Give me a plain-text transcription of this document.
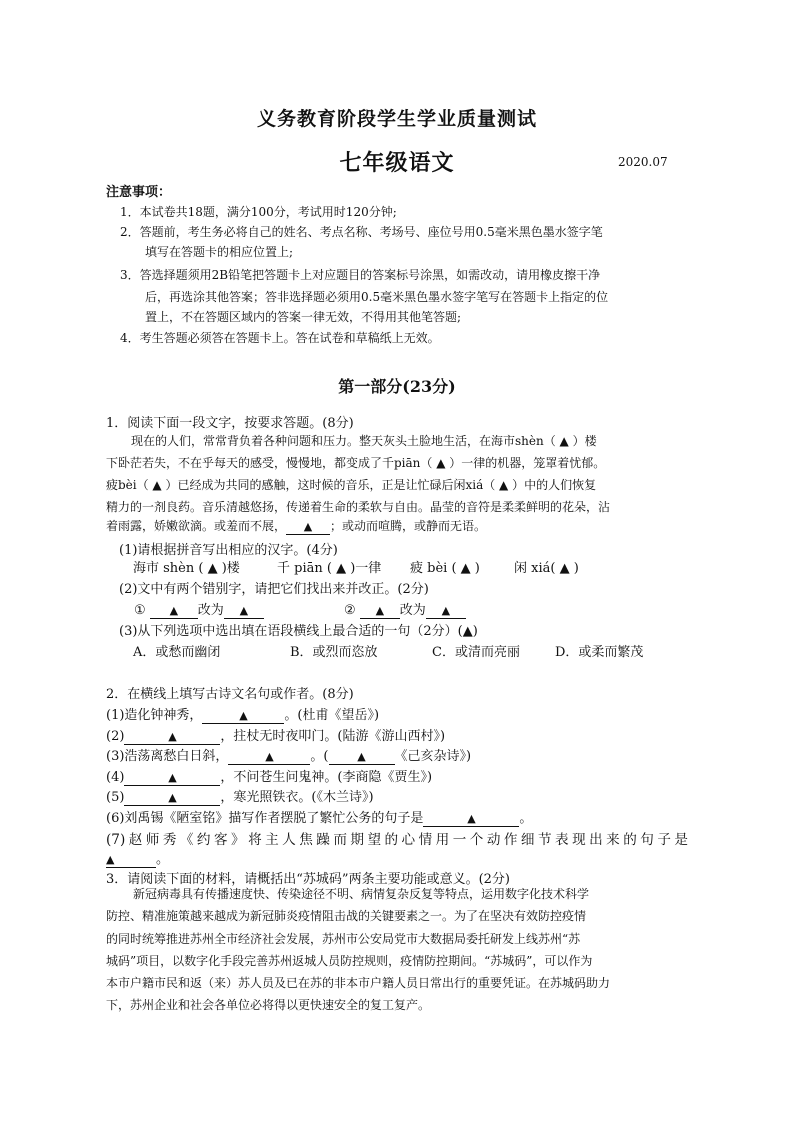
义务教育阶段学生学业质量测试
七年级语文	2020.07
注意事项：
1．本试卷共18题，满分100分，考试用时120分钟;
2．答题前，考生务必将自己的姓名、考点名称、考场号、座位号用0.5毫米黑色墨水签字笔
填写在答题卡的相应位置上;
3．答选择题须用2B铅笔把答题卡上对应题目的答案标号涂黑，如需改动，请用橡皮擦干净
后，再选涂其他答案；答非选择题必须用0.5毫米黑色墨水签字笔写在答题卡上指定的位
置上，不在答题区域内的答案一律无效，不得用其他笔答题;
4．考生答题必须答在答题卡上。答在试卷和草稿纸上无效。
第一部分(23分)
1．阅读下面一段文字，按要求答题。(8分)
现在的人们，常常背负着各种问题和压力。整天灰头土脸地生活，在海市shèn（ ▲ ）楼
下卧茫若失，不在乎每天的感受，慢慢地，都变成了千piān（ ▲ ）一律的机器，笼罩着忧郁。
疲bèi（ ▲ ）已经成为共同的感触，这时候的音乐，正是让忙碌后闲xiá（ ▲ ）中的人们恢复
精力的一剂良药。音乐清越悠扬，传递着生命的柔软与自由。晶莹的音符是柔柔鲜明的花朵，沾
着雨露，娇嫩欲滴。或羞而不展， ▲ ；或动而喧腾，或静而无语。
(1)请根据拼音写出相应的汉字。(4分)
海市 shèn ( ▲ )楼	千 piān ( ▲ )一律 疲 bèi ( ▲ )	闲 xiá( ▲ )
(2)文中有两个错别字，请把它们找出来并改正。(2分)
① ▲ 改为 ▲	② ▲ 改为 ▲
(3)从下列选项中选出填在语段横线上最合适的一句（2分）(▲)
A．或愁而幽闭	B．或烈而恣放	C．或清而亮丽	D．或柔而繁茂
2．在横线上填写古诗文名句或作者。(8分)
(1)造化钟神秀，	▲	。(杜甫《望岳》)
(2)	▲	，拄杖无时夜叩门。(陆游《游山西村》)
(3)浩荡离愁白日斜，	▲	。(	▲ 《己亥杂诗》)
(4)	▲	，不问苍生问鬼神。(李商隐《贾生》)
(5)	▲	，寒光照铁衣。(《木兰诗》)
(6)刘禹锡《陋室铭》描写作者摆脱了繁忙公务的句子是	▲	。
(7)赵师秀《约客》将主人焦躁而期望的心情用一个动作细节表现出来的句子是
▲	。
3．请阅读下面的材料，请概括出“苏城码”两条主要功能或意义。(2分)
新冠病毒具有传播速度快、传染途径不明、病情复杂反复等特点，运用数字化技术科学
防控、精准施策越来越成为新冠肺炎疫情阻击战的关键要素之一。为了在坚决有效防控疫情
的同时统筹推进苏州全市经济社会发展，苏州市公安局党市大数据局委托研发上线苏州“苏
城码”项目，以数字化手段完善苏州返城人员防控规则，疫情防控期间。“苏城码”，可以作为
本市户籍市民和返（来）苏人员及已在苏的非本市户籍人员日常出行的重要凭证。在苏城码助力
下，苏州企业和社会各单位必将得以更快速安全的复工复产。
